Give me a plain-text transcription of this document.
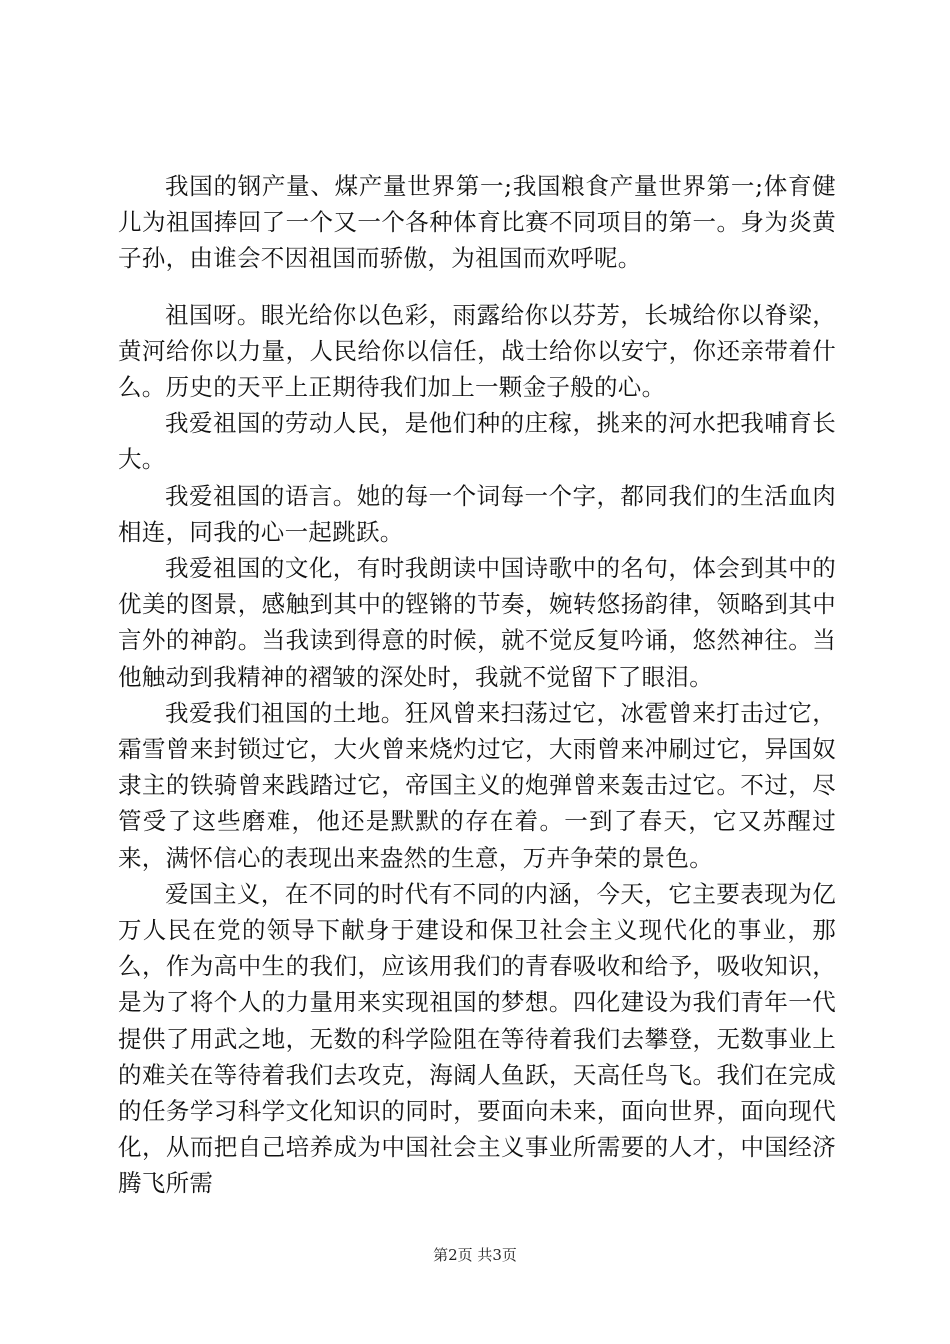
我国的钢产量、煤产量世界第一;我国粮食产量世界第一;体育健儿为祖国捧回了一个又一个各种体育比赛不同项目的第一。身为炎黄子孙，由谁会不因祖国而骄傲，为祖国而欢呼呢。

祖国呀。眼光给你以色彩，雨露给你以芬芳，长城给你以脊梁，黄河给你以力量，人民给你以信任，战士给你以安宁，你还亲带着什么。历史的天平上正期待我们加上一颗金子般的心。

我爱祖国的劳动人民，是他们种的庄稼，挑来的河水把我哺育长大。

我爱祖国的语言。她的每一个词每一个字，都同我们的生活血肉相连，同我的心一起跳跃。

我爱祖国的文化，有时我朗读中国诗歌中的名句，体会到其中的优美的图景，感触到其中的铿锵的节奏，婉转悠扬韵律，领略到其中言外的神韵。当我读到得意的时候，就不觉反复吟诵，悠然神往。当他触动到我精神的褶皱的深处时，我就不觉留下了眼泪。

我爱我们祖国的土地。狂风曾来扫荡过它，冰雹曾来打击过它，霜雪曾来封锁过它，大火曾来烧灼过它，大雨曾来冲刷过它，异国奴隶主的铁骑曾来践踏过它，帝国主义的炮弹曾来轰击过它。不过，尽管受了这些磨难，他还是默默的存在着。一到了春天，它又苏醒过来，满怀信心的表现出来盎然的生意，万卉争荣的景色。

爱国主义，在不同的时代有不同的内涵，今天，它主要表现为亿万人民在党的领导下献身于建设和保卫社会主义现代化的事业，那么，作为高中生的我们，应该用我们的青春吸收和给予，吸收知识，是为了将个人的力量用来实现祖国的梦想。四化建设为我们青年一代提供了用武之地，无数的科学险阻在等待着我们去攀登，无数事业上的难关在等待着我们去攻克，海阔人鱼跃，天高任鸟飞。我们在完成的任务学习科学文化知识的同时，要面向未来，面向世界，面向现代化，从而把自己培养成为中国社会主义事业所需要的人才，中国经济腾飞所需

第2页 共3页
